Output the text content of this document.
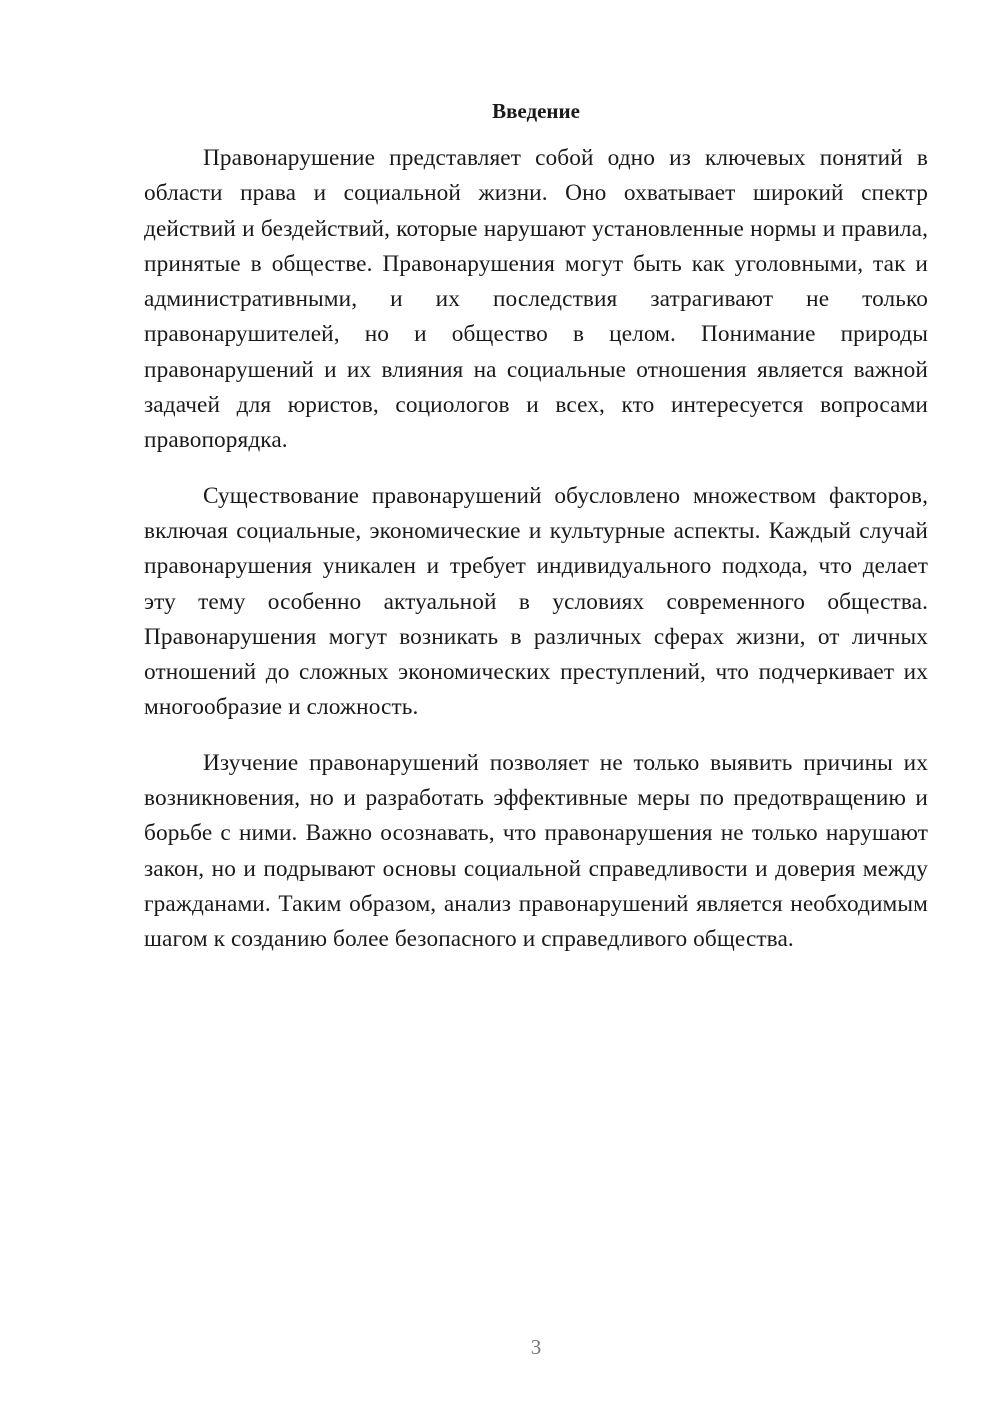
Введение

Правонарушение представляет собой одно из ключевых понятий в области права и социальной жизни. Оно охватывает широкий спектр действий и бездействий, которые нарушают установленные нормы и правила, принятые в обществе. Правонарушения могут быть как уголовными, так и административными, и их последствия затрагивают не только правонарушителей, но и общество в целом. Понимание природы правонарушений и их влияния на социальные отношения является важной задачей для юристов, социологов и всех, кто интересуется вопросами правопорядка.

Существование правонарушений обусловлено множеством факторов, включая социальные, экономические и культурные аспекты. Каждый случай правонарушения уникален и требует индивидуального подхода, что делает эту тему особенно актуальной в условиях современного общества. Правонарушения могут возникать в различных сферах жизни, от личных отношений до сложных экономических преступлений, что подчеркивает их многообразие и сложность.

Изучение правонарушений позволяет не только выявить причины их возникновения, но и разработать эффективные меры по предотвращению и борьбе с ними. Важно осознавать, что правонарушения не только нарушают закон, но и подрывают основы социальной справедливости и доверия между гражданами. Таким образом, анализ правонарушений является необходимым шагом к созданию более безопасного и справедливого общества.

3
